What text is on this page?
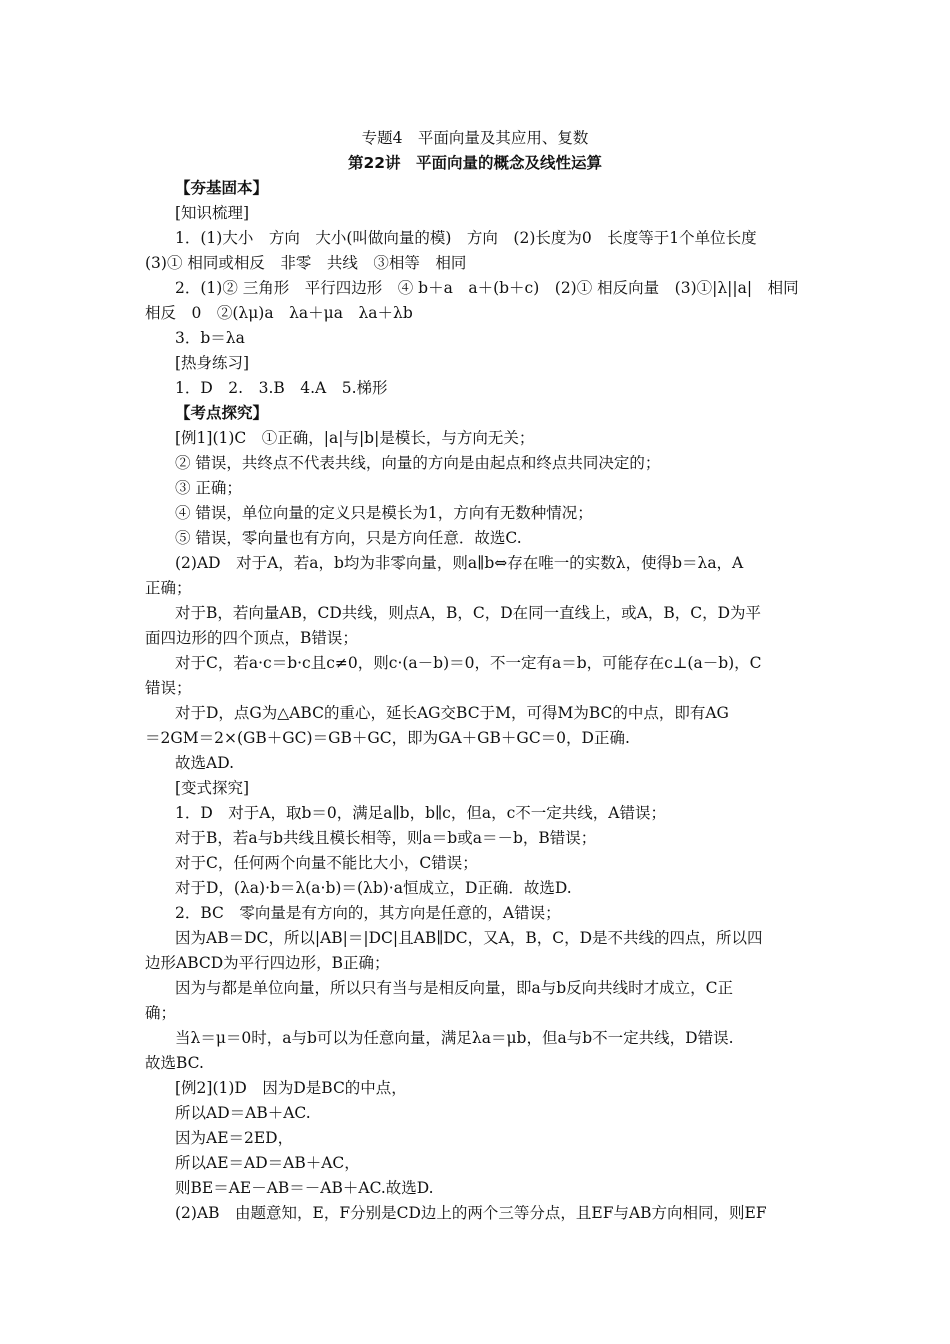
专题4　平面向量及其应用、复数
第22讲　平面向量的概念及线性运算
【夯基固本】
[知识梳理]
1．(1)大小　方向　大小(叫做向量的模)　方向　(2)长度为0　长度等于1个单位长度
(3)① 相同或相反　非零　共线　③相等　相同
2．(1)② 三角形　平行四边形　④ b＋a　a＋(b＋c)　(2)① 相反向量　(3)①|λ||a|　相同
相反　0　②(λμ)a　λa＋μa　λa＋λb
3．b＝λa
[热身练习]
1．D　2.　3.B　4.A　5.梯形
【考点探究】
[例1](1)C　①正确，|a|与|b|是模长，与方向无关；
② 错误，共终点不代表共线，向量的方向是由起点和终点共同决定的；
③ 正确；
④ 错误，单位向量的定义只是模长为1，方向有无数种情况；
⑤ 错误，零向量也有方向，只是方向任意．故选C.
(2)AD　对于A，若a，b均为非零向量，则a∥b⇔存在唯一的实数λ，使得b＝λa，A
正确；
对于B，若向量AB，CD共线，则点A，B，C，D在同一直线上，或A，B，C，D为平
面四边形的四个顶点，B错误；
对于C，若a·c＝b·c且c≠0，则c·(a－b)＝0，不一定有a＝b，可能存在c⊥(a－b)，C
错误；
对于D，点G为△ABC的重心，延长AG交BC于M，可得M为BC的中点，即有AG
＝2GM＝2×(GB＋GC)＝GB＋GC，即为GA＋GB＋GC＝0，D正确.
故选AD.
[变式探究]
1．D　对于A，取b＝0，满足a∥b，b∥c，但a，c不一定共线，A错误；
对于B，若a与b共线且模长相等，则a＝b或a＝－b，B错误；
对于C，任何两个向量不能比大小，C错误；
对于D，(λa)·b＝λ(a·b)＝(λb)·a恒成立，D正确．故选D.
2．BC　零向量是有方向的，其方向是任意的，A错误；
因为AB＝DC，所以|AB|＝|DC|且AB∥DC，又A，B，C，D是不共线的四点，所以四
边形ABCD为平行四边形，B正确；
因为与都是单位向量，所以只有当与是相反向量，即a与b反向共线时才成立，C正
确；
当λ＝μ＝0时，a与b可以为任意向量，满足λa＝μb，但a与b不一定共线，D错误.
故选BC.
[例2](1)D　因为D是BC的中点，
所以AD＝AB＋AC.
因为AE＝2ED，
所以AE＝AD＝AB＋AC，
则BE＝AE－AB＝－AB＋AC.故选D.
(2)AB　由题意知，E，F分别是CD边上的两个三等分点，且EF与AB方向相同，则EF
